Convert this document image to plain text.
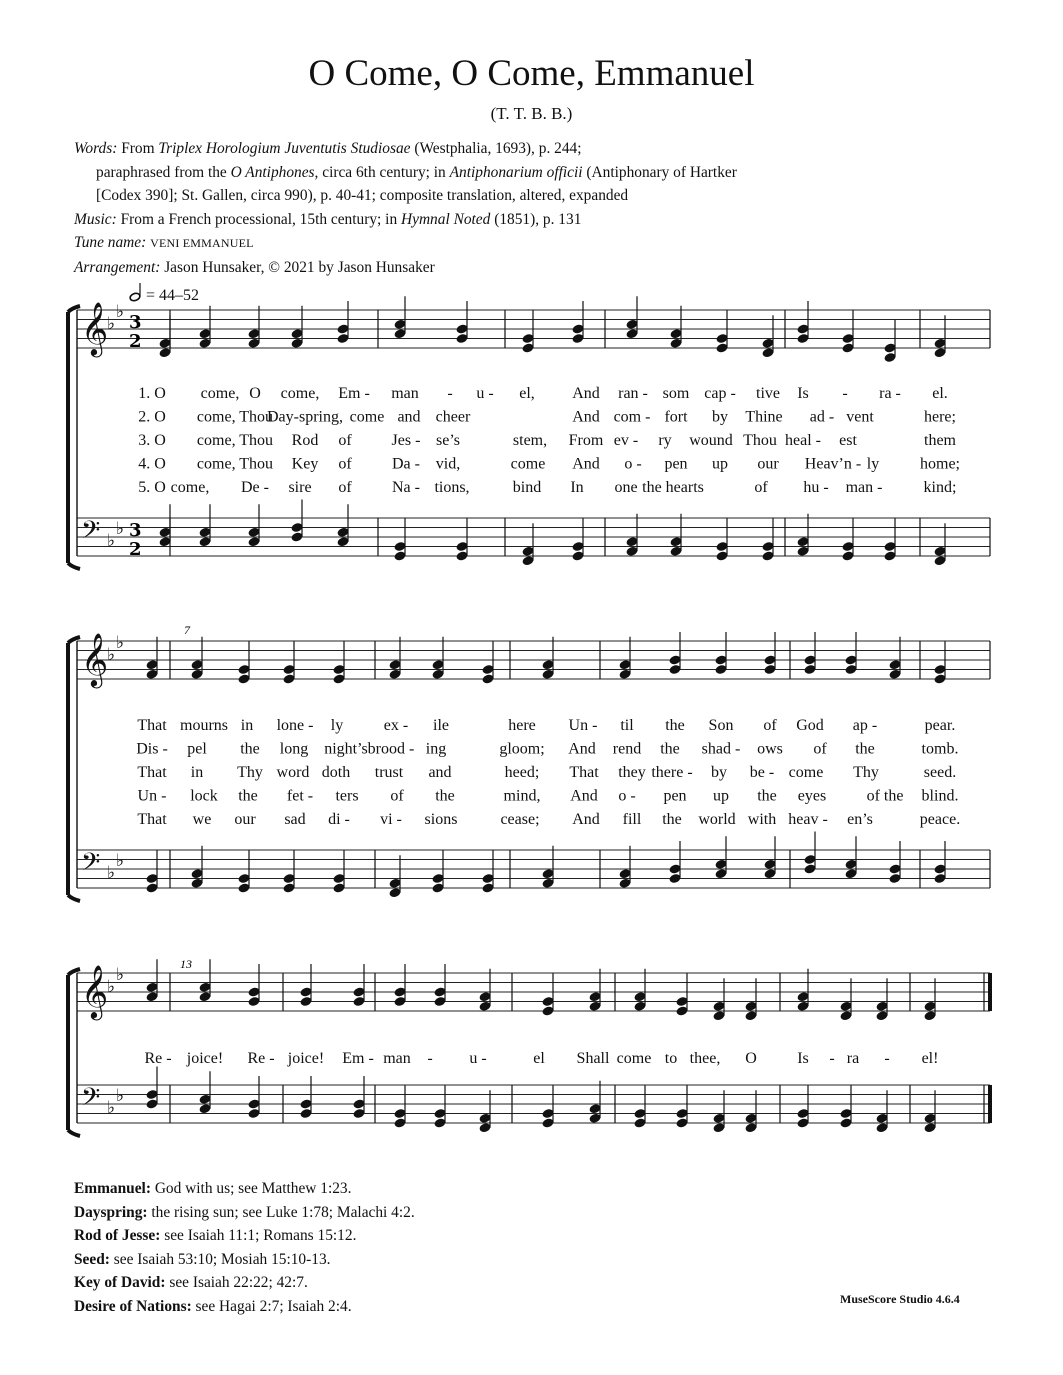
O Come, O Come, Emmanuel
(T. T. B. B.)
Words: From Triplex Horologium Juventutis Studiosae (Westphalia, 1693), p. 244;
paraphrased from the O Antiphones, circa 6th century; in Antiphonarium officii (Antiphonary of Hartker
[Codex 390]; St. Gallen, circa 990), p. 40-41; composite translation, altered, expanded
Music: From a French processional, 15th century; in Hymnal Noted (1851), p. 131
Tune name: VENI EMMANUEL
Arrangement: Jason Hunsaker, © 2021 by Jason Hunsaker
= 44–52
𝄞
♭
♭ 3
2
𝄢 ♭
♭ 3
2
𝄞
♭
♭
𝄢 ♭
♭
𝄞
♭
♭
𝄢 ♭
♭
7
13
1. O come, O come, Em - man - u - el, And ran - som cap - tive Is - ra - el.
2. O come, Thou
Day-spring, come and cheer	And com - fort by Thine ad - vent	here;
3. O come, Thou Rod of Jes - se’s	stem, From ev - ry wound Thou heal - est	them
4. O come, Thou Key of	Da - vid,	come And o - pen up our Heav’n - ly	home;
5. O come, De - sire of	Na - tions,	bind In one the hearts	of hu - man -	kind;
That mourns in lone - ly	ex - ile	here Un - til the Son of God ap -	pear.
Dis - pel the long night’s brood - ing	gloom; And rend the shad - ows of the	tomb.
That in Thy word doth trust and	heed; That they there - by be - come Thy	seed.
Un - lock the fet - ters of the	mind, And o - pen up the eyes	of the blind.
That we our sad di - vi - sions	cease; And fill the world with heav - en’s	peace.
Re - joice! Re - joice! Em - man - u -	el Shall come to thee, O	Is - ra - el!
Emmanuel: God with us; see Matthew 1:23.
Dayspring: the rising sun; see Luke 1:78; Malachi 4:2.
Rod of Jesse: see Isaiah 11:1; Romans 15:12.
Seed: see Isaiah 53:10; Mosiah 15:10-13.
Key of David: see Isaiah 22:22; 42:7.
Desire of Nations: see Hagai 2:7; Isaiah 2:4.	MuseScore Studio 4.6.4
